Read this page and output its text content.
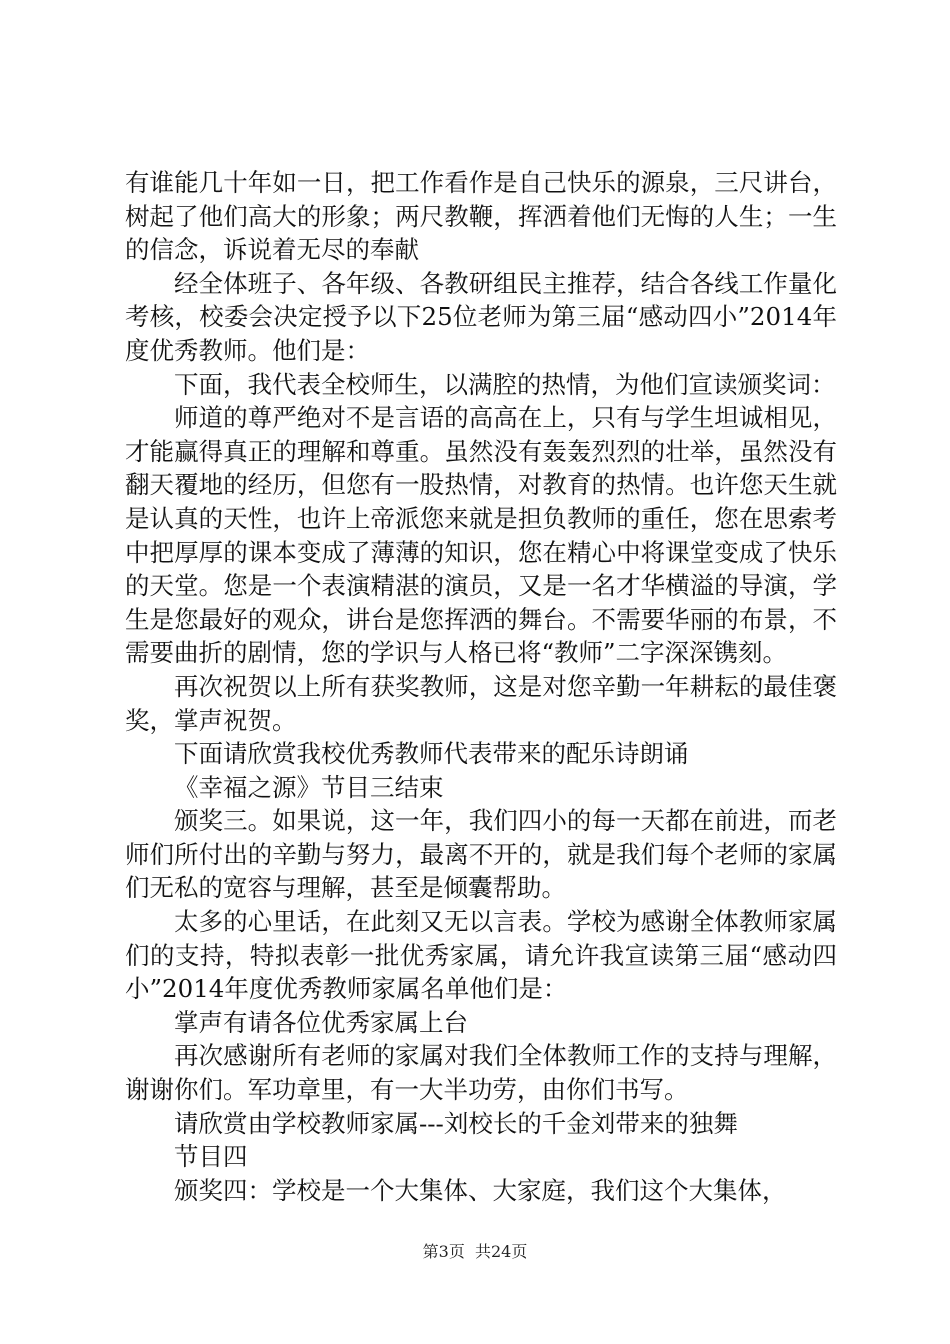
有谁能几十年如一日，把工作看作是自己快乐的源泉，三尺讲台，树起了他们高大的形象；两尺教鞭，挥洒着他们无悔的人生；一生的信念，诉说着无尽的奉献

经全体班子、各年级、各教研组民主推荐，结合各线工作量化考核，校委会决定授予以下25位老师为第三届“感动四小”2014年度优秀教师。他们是：

下面，我代表全校师生，以满腔的热情，为他们宣读颁奖词：

师道的尊严绝对不是言语的高高在上，只有与学生坦诚相见，才能赢得真正的理解和尊重。虽然没有轰轰烈烈的壮举，虽然没有翻天覆地的经历，但您有一股热情，对教育的热情。也许您天生就是认真的天性，也许上帝派您来就是担负教师的重任，您在思索考中把厚厚的课本变成了薄薄的知识，您在精心中将课堂变成了快乐的天堂。您是一个表演精湛的演员，又是一名才华横溢的导演，学生是您最好的观众，讲台是您挥洒的舞台。不需要华丽的布景，不需要曲折的剧情，您的学识与人格已将“教师”二字深深镌刻。

再次祝贺以上所有获奖教师，这是对您辛勤一年耕耘的最佳褒奖，掌声祝贺。

下面请欣赏我校优秀教师代表带来的配乐诗朗诵

《幸福之源》节目三结束

颁奖三。如果说，这一年，我们四小的每一天都在前进，而老师们所付出的辛勤与努力，最离不开的，就是我们每个老师的家属们无私的宽容与理解，甚至是倾囊帮助。

太多的心里话，在此刻又无以言表。学校为感谢全体教师家属们的支持，特拟表彰一批优秀家属，请允许我宣读第三届“感动四小”2014年度优秀教师家属名单他们是：

掌声有请各位优秀家属上台

再次感谢所有老师的家属对我们全体教师工作的支持与理解，谢谢你们。军功章里，有一大半功劳，由你们书写。

请欣赏由学校教师家属---刘校长的千金刘带来的独舞

节目四

颁奖四：学校是一个大集体、大家庭，我们这个大集体，

第3页  共24页
